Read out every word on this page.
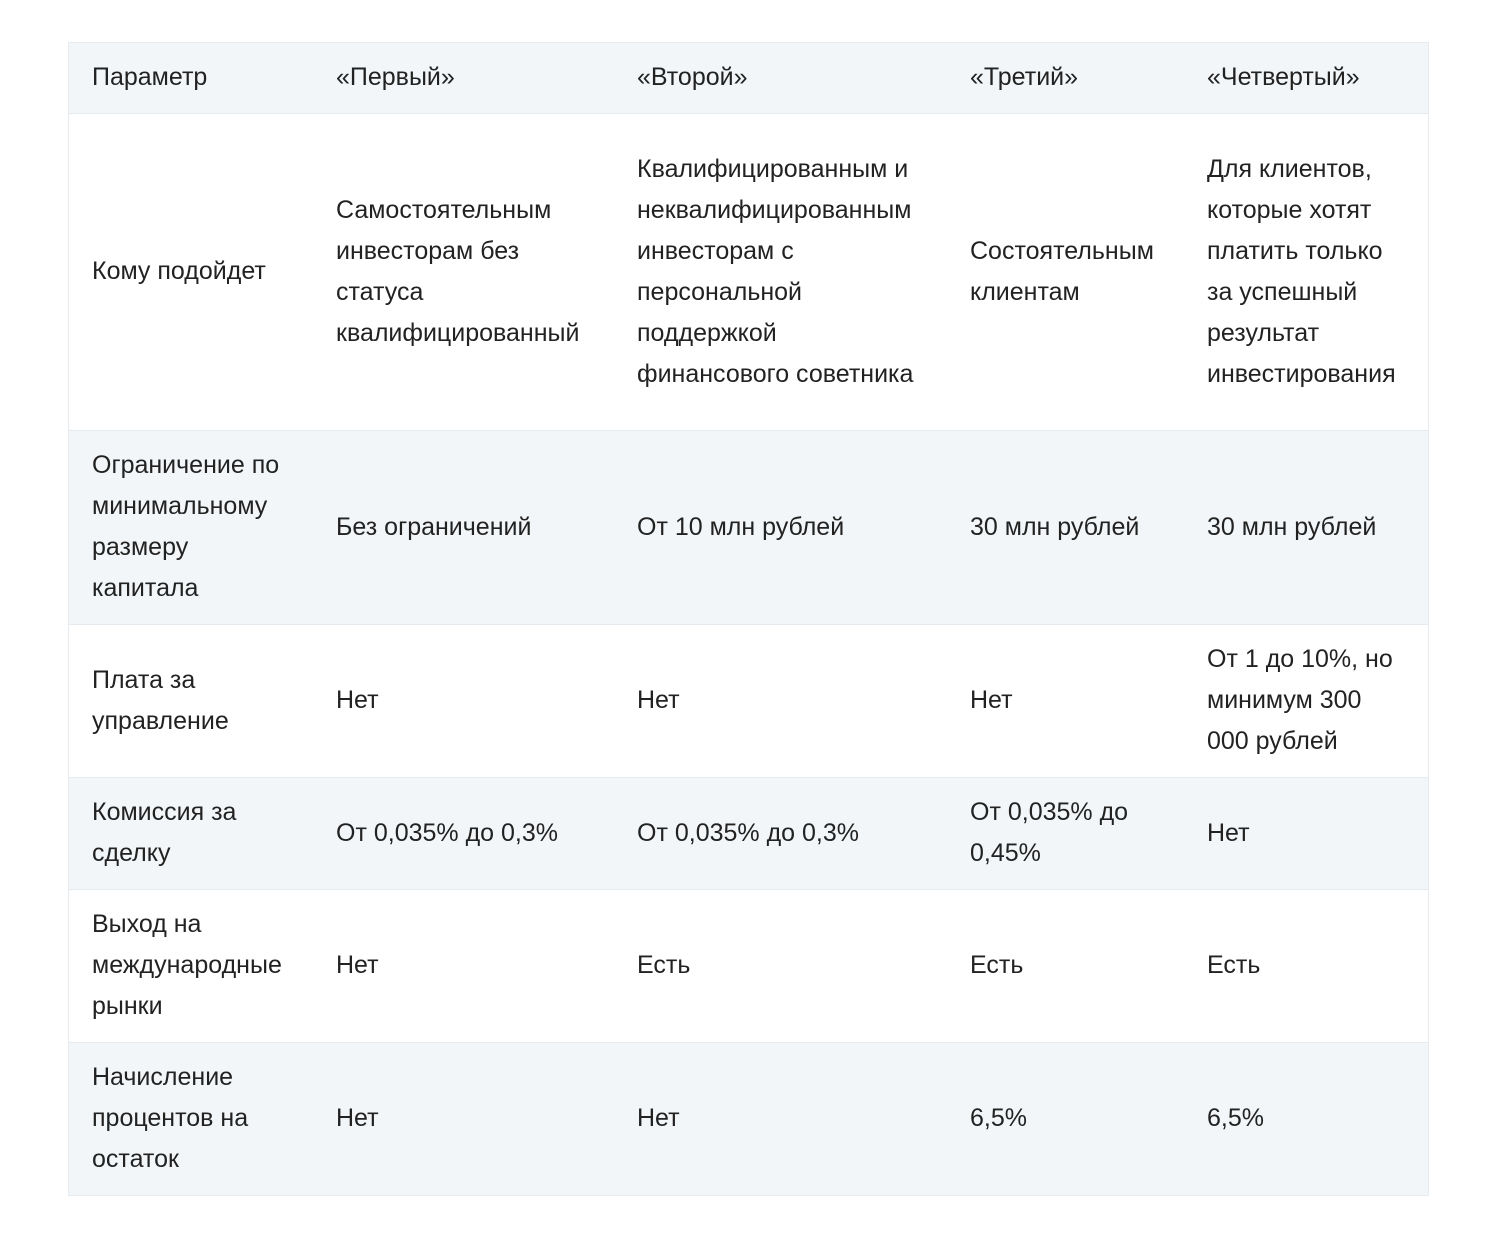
Параметр	«Первый»	«Второй»	«Третий»	«Четвертый»
Кому подойдет	Самостоятельным инвесторам без статуса квалифицированный	Квалифицированным и неквалифицированным инвесторам с персональной поддержкой финансового советника	Состоятельным клиентам	Для клиентов, которые хотят платить только за успешный результат инвестирования
Ограничение по минимальному размеру капитала	Без ограничений	От 10 млн рублей	30 млн рублей	30 млн рублей
Плата за управление	Нет	Нет	Нет	От 1 до 10%, но минимум 300 000 рублей
Комиссия за сделку	От 0,035% до 0,3%	От 0,035% до 0,3%	От 0,035% до 0,45%	Нет
Выход на международные рынки	Нет	Есть	Есть	Есть
Начисление процентов на остаток	Нет	Нет	6,5%	6,5%
